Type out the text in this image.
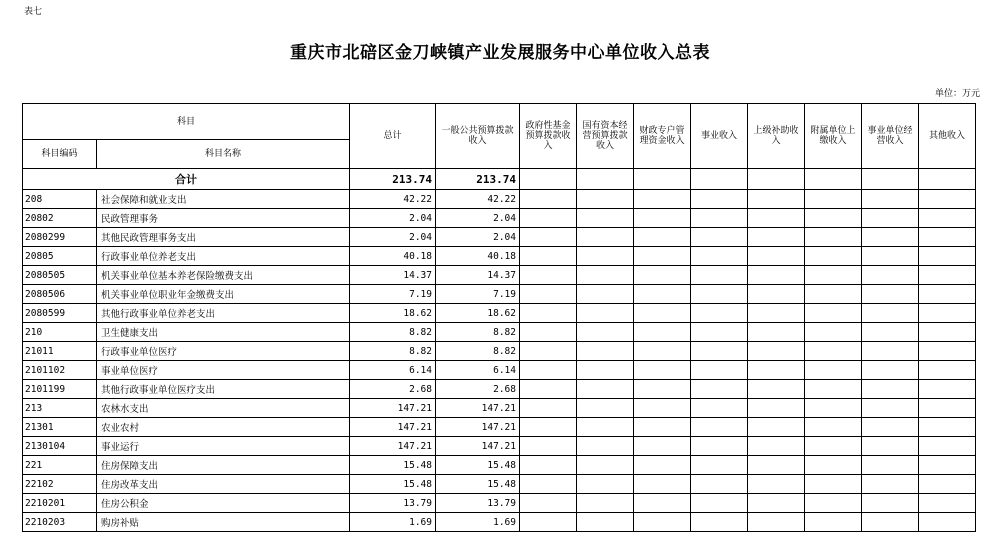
表七
重庆市北碚区金刀峡镇产业发展服务中心单位收入总表
单位：万元
科目		总计	一般公共预算拨款收入	政府性基金预算拨款收入	国有资本经营预算拨款收入	财政专户管理资金收入	事业收入	上级补助收入	附属单位上缴收入	事业单位经营收入	其他收入
科目编码	科目名称										
合计		213.74	213.74								
208	社会保障和就业支出	42.22	42.22								
20802	民政管理事务	2.04	2.04								
2080299	其他民政管理事务支出	2.04	2.04								
20805	行政事业单位养老支出	40.18	40.18								
2080505	机关事业单位基本养老保险缴费支出	14.37	14.37								
2080506	机关事业单位职业年金缴费支出	7.19	7.19								
2080599	其他行政事业单位养老支出	18.62	18.62								
210	卫生健康支出	8.82	8.82								
21011	行政事业单位医疗	8.82	8.82								
2101102	事业单位医疗	6.14	6.14								
2101199	其他行政事业单位医疗支出	2.68	2.68								
213	农林水支出	147.21	147.21								
21301	农业农村	147.21	147.21								
2130104	事业运行	147.21	147.21								
221	住房保障支出	15.48	15.48								
22102	住房改革支出	15.48	15.48								
2210201	住房公积金	13.79	13.79								
2210203	购房补贴	1.69	1.69								
